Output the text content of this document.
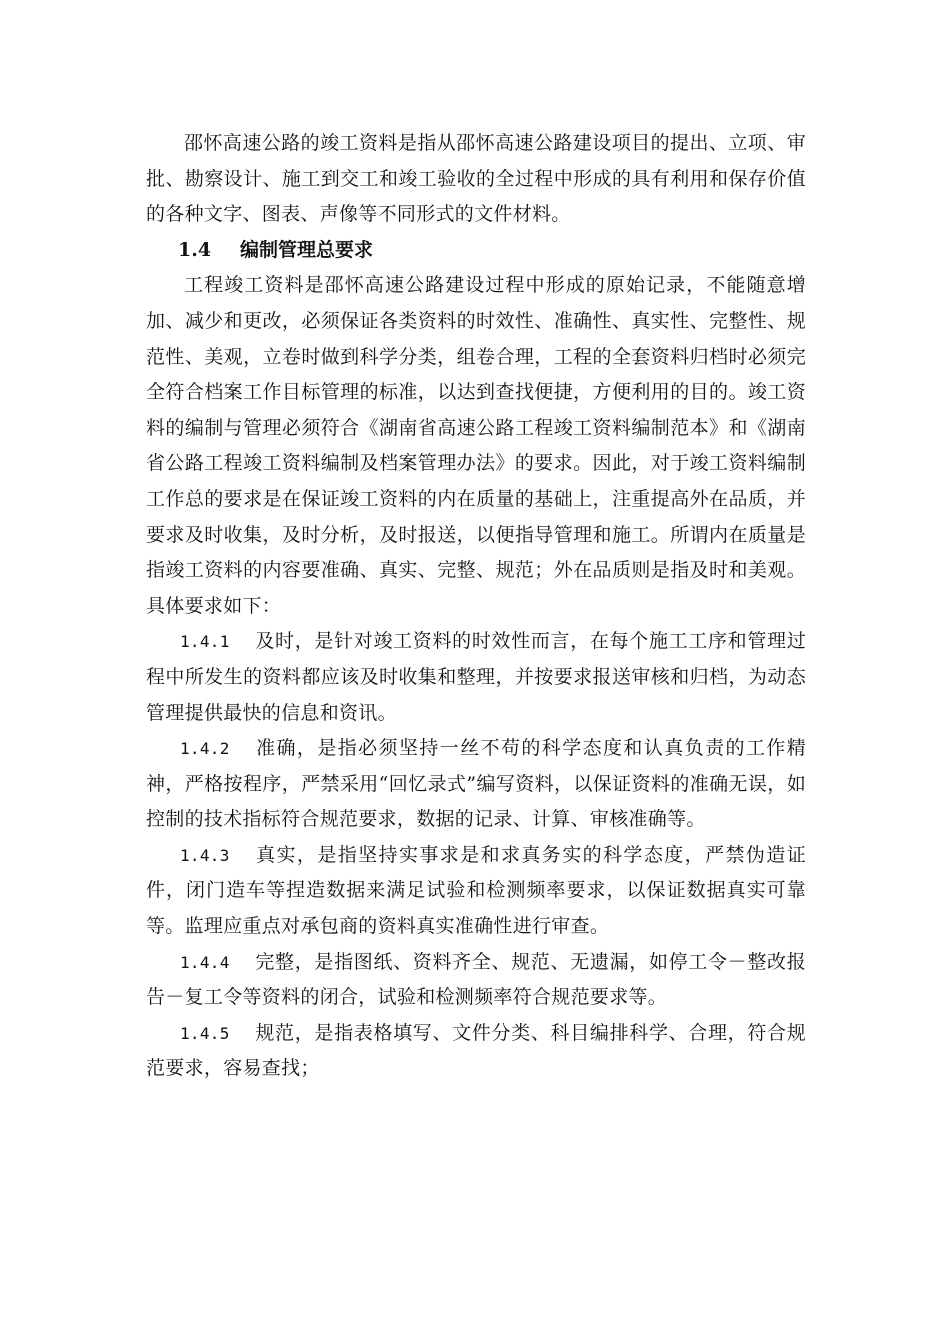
邵怀高速公路的竣工资料是指从邵怀高速公路建设项目的提出、立项、审批、勘察设计、施工到交工和竣工验收的全过程中形成的具有利用和保存价值的各种文字、图表、声像等不同形式的文件材料。

1.4 编制管理总要求

工程竣工资料是邵怀高速公路建设过程中形成的原始记录，不能随意增加、减少和更改，必须保证各类资料的时效性、准确性、真实性、完整性、规范性、美观，立卷时做到科学分类，组卷合理，工程的全套资料归档时必须完全符合档案工作目标管理的标准，以达到查找便捷，方便利用的目的。竣工资料的编制与管理必须符合《湖南省高速公路工程竣工资料编制范本》和《湖南省公路工程竣工资料编制及档案管理办法》的要求。因此，对于竣工资料编制工作总的要求是在保证竣工资料的内在质量的基础上，注重提高外在品质，并要求及时收集，及时分析，及时报送，以便指导管理和施工。所谓内在质量是指竣工资料的内容要准确、真实、完整、规范；外在品质则是指及时和美观。具体要求如下：

1.4.1 及时，是针对竣工资料的时效性而言，在每个施工工序和管理过程中所发生的资料都应该及时收集和整理，并按要求报送审核和归档，为动态管理提供最快的信息和资讯。

1.4.2 准确，是指必须坚持一丝不苟的科学态度和认真负责的工作精神，严格按程序，严禁采用“回忆录式”编写资料，以保证资料的准确无误，如控制的技术指标符合规范要求，数据的记录、计算、审核准确等。

1.4.3 真实，是指坚持实事求是和求真务实的科学态度，严禁伪造证件，闭门造车等捏造数据来满足试验和检测频率要求，以保证数据真实可靠等。监理应重点对承包商的资料真实准确性进行审查。

1.4.4 完整，是指图纸、资料齐全、规范、无遗漏，如停工令－整改报告－复工令等资料的闭合，试验和检测频率符合规范要求等。

1.4.5 规范，是指表格填写、文件分类、科目编排科学、合理，符合规范要求，容易查找；
